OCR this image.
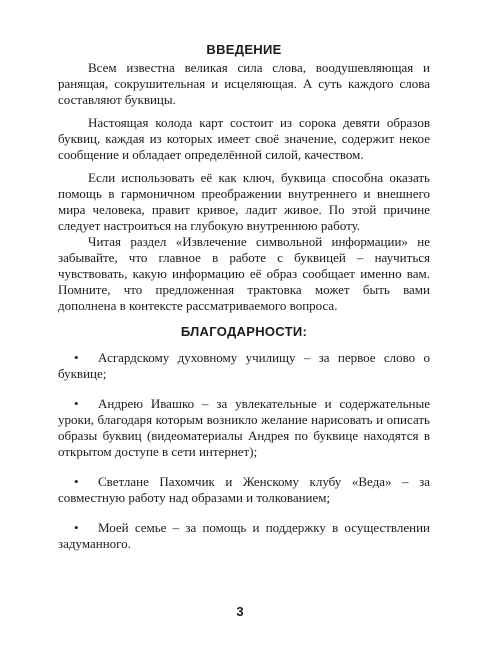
ВВЕДЕНИЕ

Всем известна великая сила слова, воодушевляющая и ранящая, сокрушительная и исцеляющая. А суть каждого слова составляют буквицы.

Настоящая колода карт состоит из сорока девяти образов буквиц, каждая из которых имеет своё значение, содержит некое сообщение и обладает определённой силой, качеством.

Если использовать её как ключ, буквица способна оказать помощь в гармоничном преображении внутреннего и внешнего мира человека, правит кривое, ладит живое. По этой причине следует настроиться на глубокую внутреннюю работу.

Читая раздел «Извлечение символьной информации» не забывайте, что главное в работе с буквицей – научиться чувствовать, какую информацию её образ сообщает именно вам. Помните, что предложенная трактовка может быть вами дополнена в контексте рассматриваемого вопроса.

БЛАГОДАРНОСТИ:
• Асгардскому духовному училищу – за первое слово о буквице;
• Андрею Ивашко – за увлекательные и содержательные уроки, благодаря которым возникло желание нарисовать и описать образы буквиц (видеоматериалы Андрея по буквице находятся в открытом доступе в сети интернет);
• Светлане Пахомчик и Женскому клубу «Веда» – за совместную работу над образами и толкованием;
• Моей семье – за помощь и поддержку в осуществлении задуманного.
3
